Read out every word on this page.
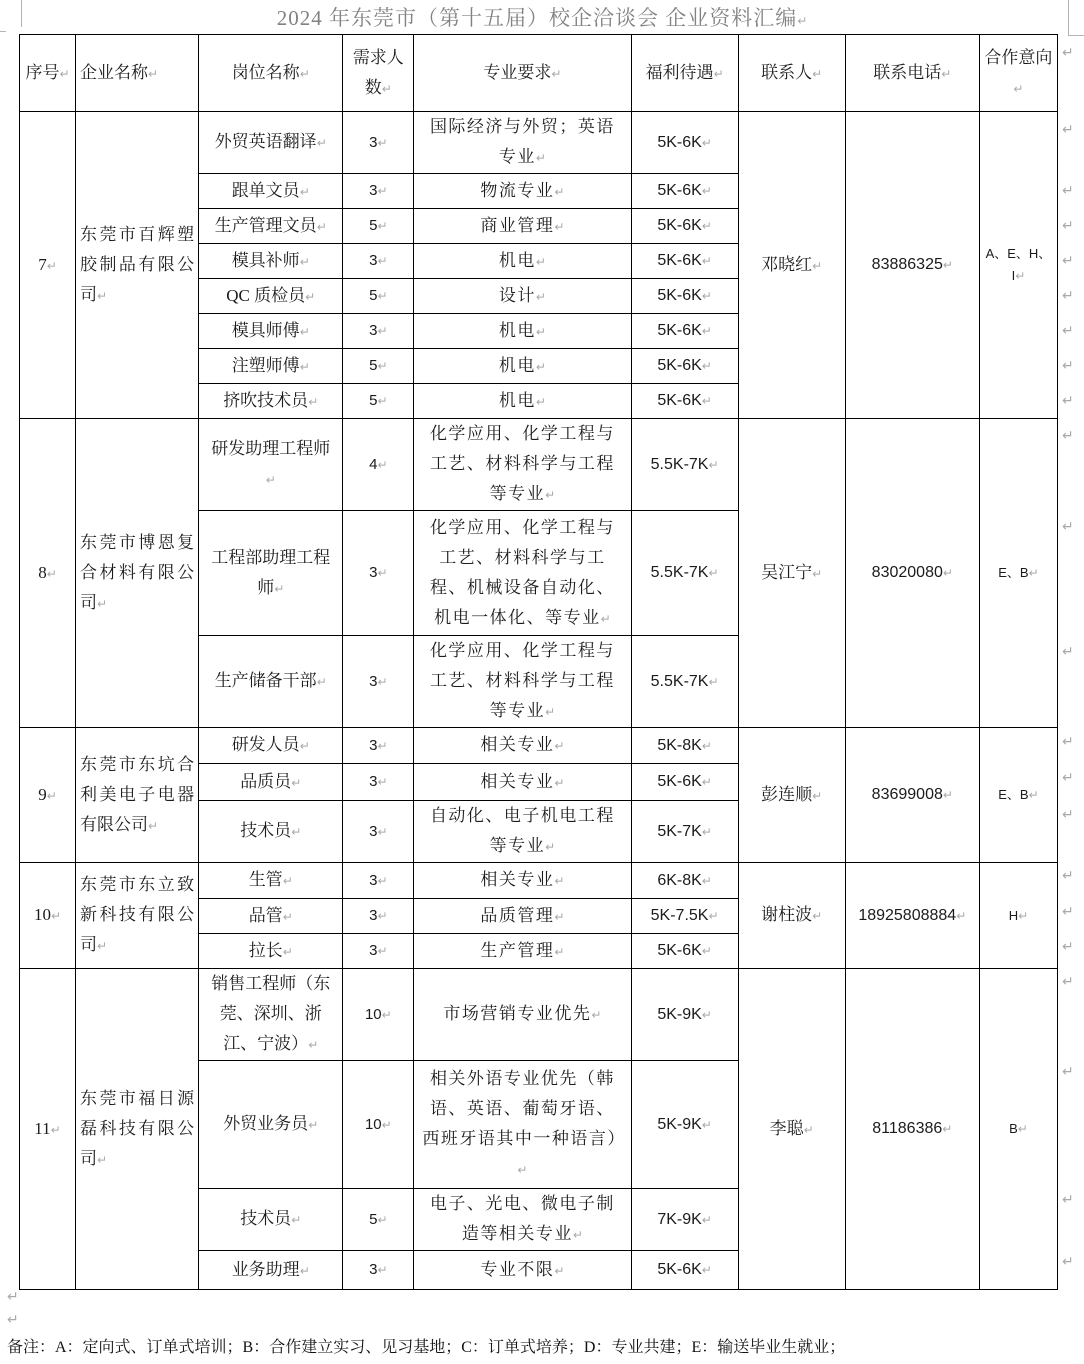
2024 年东莞市（第十五届）校企洽谈会 企业资料汇编↵
序号↵	企业名称↵	岗位名称↵	需求人数↵	专业要求↵	福利待遇↵	联系人↵	联系电话↵	合作意向↵
7↵	东莞市百辉塑胶制品有限公司↵	外贸英语翻译↵	3↵	国际经济与外贸；英语专业↵	5K-6K↵	邓晓红↵	83886325↵	A、E、H、I↵
		跟单文员↵	3↵	物流专业↵	5K-6K↵			
		生产管理文员↵	5↵	商业管理↵	5K-6K↵			
		模具补师↵	3↵	机电↵	5K-6K↵			
		QC 质检员↵	5↵	设计↵	5K-6K↵			
		模具师傅↵	3↵	机电↵	5K-6K↵			
		注塑师傅↵	5↵	机电↵	5K-6K↵			
		挤吹技术员↵	5↵	机电↵	5K-6K↵			
8↵	东莞市博恩复合材料有限公司↵	研发助理工程师↵	4↵	化学应用、化学工程与工艺、材料科学与工程等专业↵	5.5K-7K↵	吴江宁↵	83020080↵	E、B↵
		工程部助理工程师↵	3↵	化学应用、化学工程与工艺、材料科学与工程、机械设备自动化、机电一体化、等专业↵	5.5K-7K↵			
		生产储备干部↵	3↵	化学应用、化学工程与工艺、材料科学与工程等专业↵	5.5K-7K↵			
9↵	东莞市东坑合利美电子电器有限公司↵	研发人员↵	3↵	相关专业↵	5K-8K↵	彭连顺↵	83699008↵	E、B↵
		品质员↵	3↵	相关专业↵	5K-6K↵			
		技术员↵	3↵	自动化、电子机电工程等专业↵	5K-7K↵			
10↵	东莞市东立致新科技有限公司↵	生管↵	3↵	相关专业↵	6K-8K↵	谢柱波↵	18925808884↵	H↵
		品管↵	3↵	品质管理↵	5K-7.5K↵			
		拉长↵	3↵	生产管理↵	5K-6K↵			
11↵	东莞市福日源磊科技有限公司↵	销售工程师（东莞、深圳、浙江、宁波）↵	10↵	市场营销专业优先↵	5K-9K↵	李聪↵	81186386↵	B↵
		外贸业务员↵	10↵	相关外语专业优先（韩语、英语、葡萄牙语、西班牙语其中一种语言）↵	5K-9K↵			
		技术员↵	5↵	电子、光电、微电子制造等相关专业↵	7K-9K↵			
		业务助理↵	3↵	专业不限↵	5K-6K↵			
↵
↵
备注：A：定向式、订单式培训；B：合作建立实习、见习基地；C：订单式培养；D：专业共建；E：输送毕业生就业；
↵
↵
↵
↵
↵
↵
↵
↵
↵
↵
↵
↵
↵
↵
↵
↵
↵
↵
↵
↵
↵
↵
